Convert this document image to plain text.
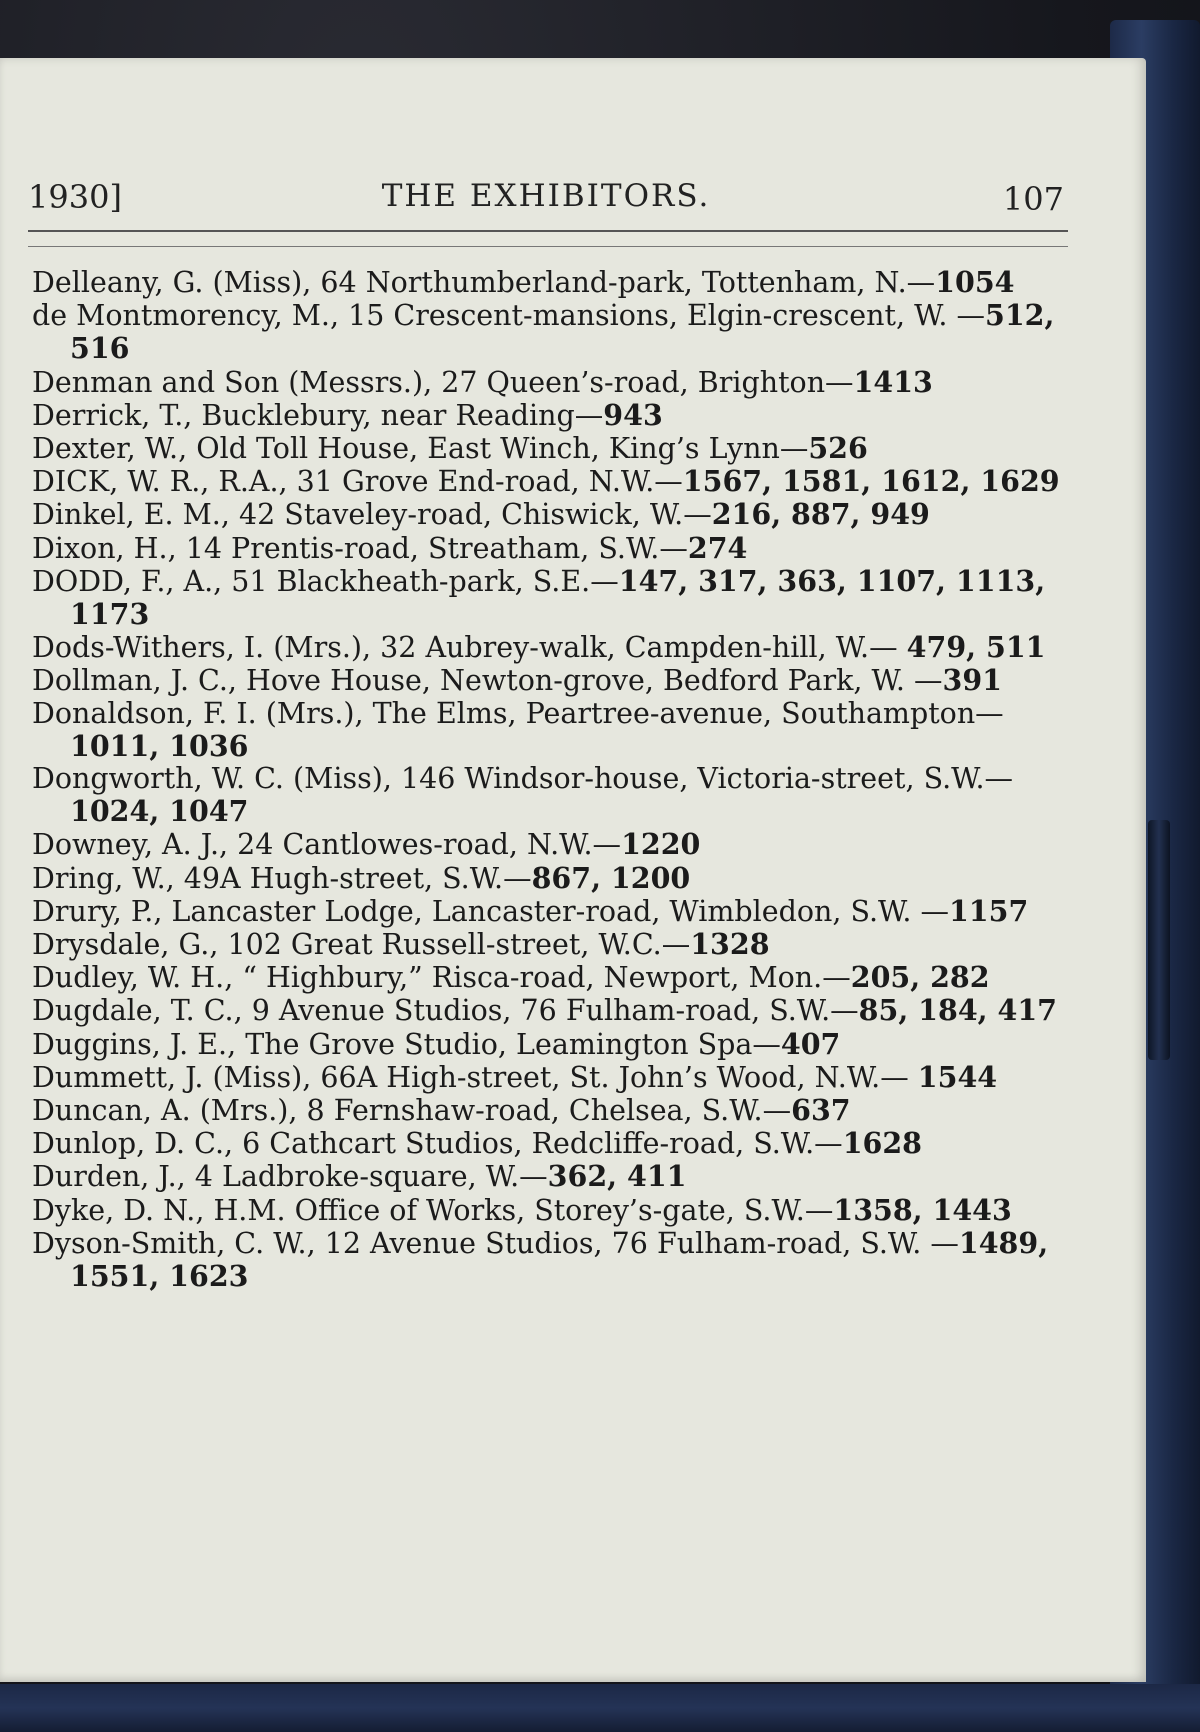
1930]	THE EXHIBITORS.	107
Delleany, G. (Miss), 64 Northumberland-park, Tottenham, N.—1054
de Montmorency, M., 15 Crescent-mansions, Elgin-crescent, W. —512, 516
Denman and Son (Messrs.), 27 Queen’s-road, Brighton—1413
Derrick, T., Bucklebury, near Reading—943
Dexter, W., Old Toll House, East Winch, King’s Lynn—526
DICK, W. R., R.A., 31 Grove End-road, N.W.—1567, 1581, 1612, 1629
Dinkel, E. M., 42 Staveley-road, Chiswick, W.—216, 887, 949
Dixon, H., 14 Prentis-road, Streatham, S.W.—274
DODD, F., A., 51 Blackheath-park, S.E.—147, 317, 363, 1107, 1113, 1173
Dods-Withers, I. (Mrs.), 32 Aubrey-walk, Campden-hill, W.— 479, 511
Dollman, J. C., Hove House, Newton-grove, Bedford Park, W. —391
Donaldson, F. I. (Mrs.), The Elms, Peartree-avenue, Southampton—1011, 1036
Dongworth, W. C. (Miss), 146 Windsor-house, Victoria-street, S.W.—1024, 1047
Downey, A. J., 24 Cantlowes-road, N.W.—1220
Dring, W., 49A Hugh-street, S.W.—867, 1200
Drury, P., Lancaster Lodge, Lancaster-road, Wimbledon, S.W. —1157
Drysdale, G., 102 Great Russell-street, W.C.—1328
Dudley, W. H., “ Highbury,” Risca-road, Newport, Mon.—205, 282
Dugdale, T. C., 9 Avenue Studios, 76 Fulham-road, S.W.—85, 184, 417
Duggins, J. E., The Grove Studio, Leamington Spa—407
Dummett, J. (Miss), 66A High-street, St. John’s Wood, N.W.— 1544
Duncan, A. (Mrs.), 8 Fernshaw-road, Chelsea, S.W.—637
Dunlop, D. C., 6 Cathcart Studios, Redcliffe-road, S.W.—1628
Durden, J., 4 Ladbroke-square, W.—362, 411
Dyke, D. N., H.M. Office of Works, Storey’s-gate, S.W.—1358, 1443
Dyson-Smith, C. W., 12 Avenue Studios, 76 Fulham-road, S.W. —1489, 1551, 1623
